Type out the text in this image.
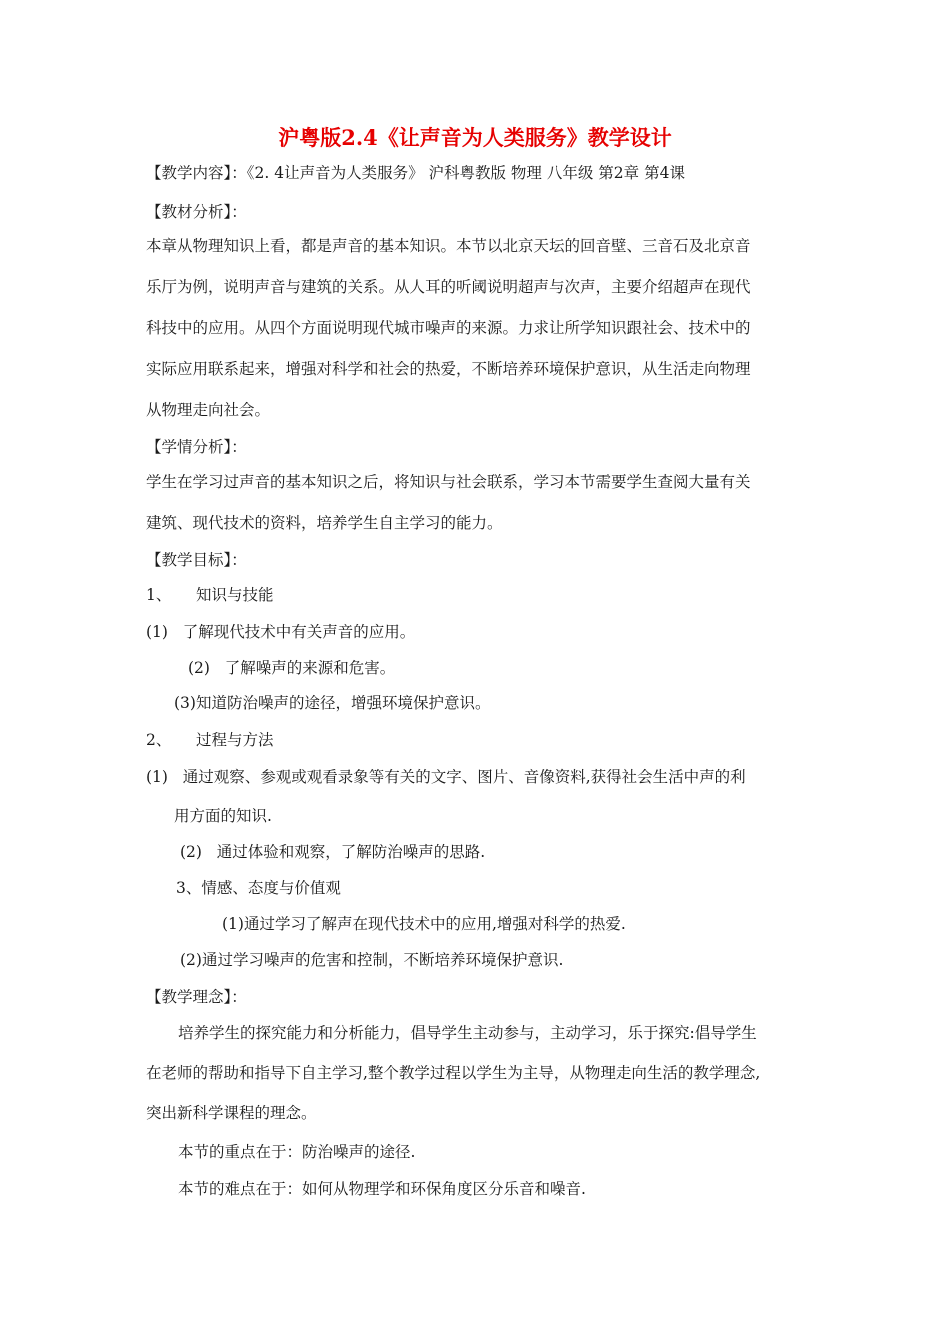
沪粤版2.4《让声音为人类服务》教学设计
【教学内容】：《2. 4让声音为人类服务》 沪科粤教版 物理 八年级 第2章 第4课
【教材分析】：
本章从物理知识上看，都是声音的基本知识。本节以北京天坛的回音壁、三音石及北京音
乐厅为例，说明声音与建筑的关系。从人耳的听阈说明超声与次声，主要介绍超声在现代
科技中的应用。从四个方面说明现代城市噪声的来源。力求让所学知识跟社会、技术中的
实际应用联系起来，增强对科学和社会的热爱，不断培养环境保护意识，从生活走向物理
从物理走向社会。
【学情分析】：
学生在学习过声音的基本知识之后，将知识与社会联系，学习本节需要学生查阅大量有关
建筑、现代技术的资料，培养学生自主学习的能力。
【教学目标】：
1、 知识与技能
(1)   了解现代技术中有关声音的应用。
(2)   了解噪声的来源和危害。
(3)知道防治噪声的途径，增强环境保护意识。
2、 过程与方法
(1)   通过观察、参观或观看录象等有关的文字、图片、音像资料,获得社会生活中声的利
用方面的知识.
(2)   通过体验和观察，了解防治噪声的思路.
3、情感、态度与价值观
(1)通过学习了解声在现代技术中的应用,增强对科学的热爱.
(2)通过学习噪声的危害和控制，不断培养环境保护意识.
【教学理念】：
培养学生的探究能力和分析能力，倡导学生主动参与，主动学习，乐于探究:倡导学生
在老师的帮助和指导下自主学习,整个教学过程以学生为主导，从物理走向生活的教学理念,
突出新科学课程的理念。
本节的重点在于：防治噪声的途径.
本节的难点在于：如何从物理学和环保角度区分乐音和噪音.
